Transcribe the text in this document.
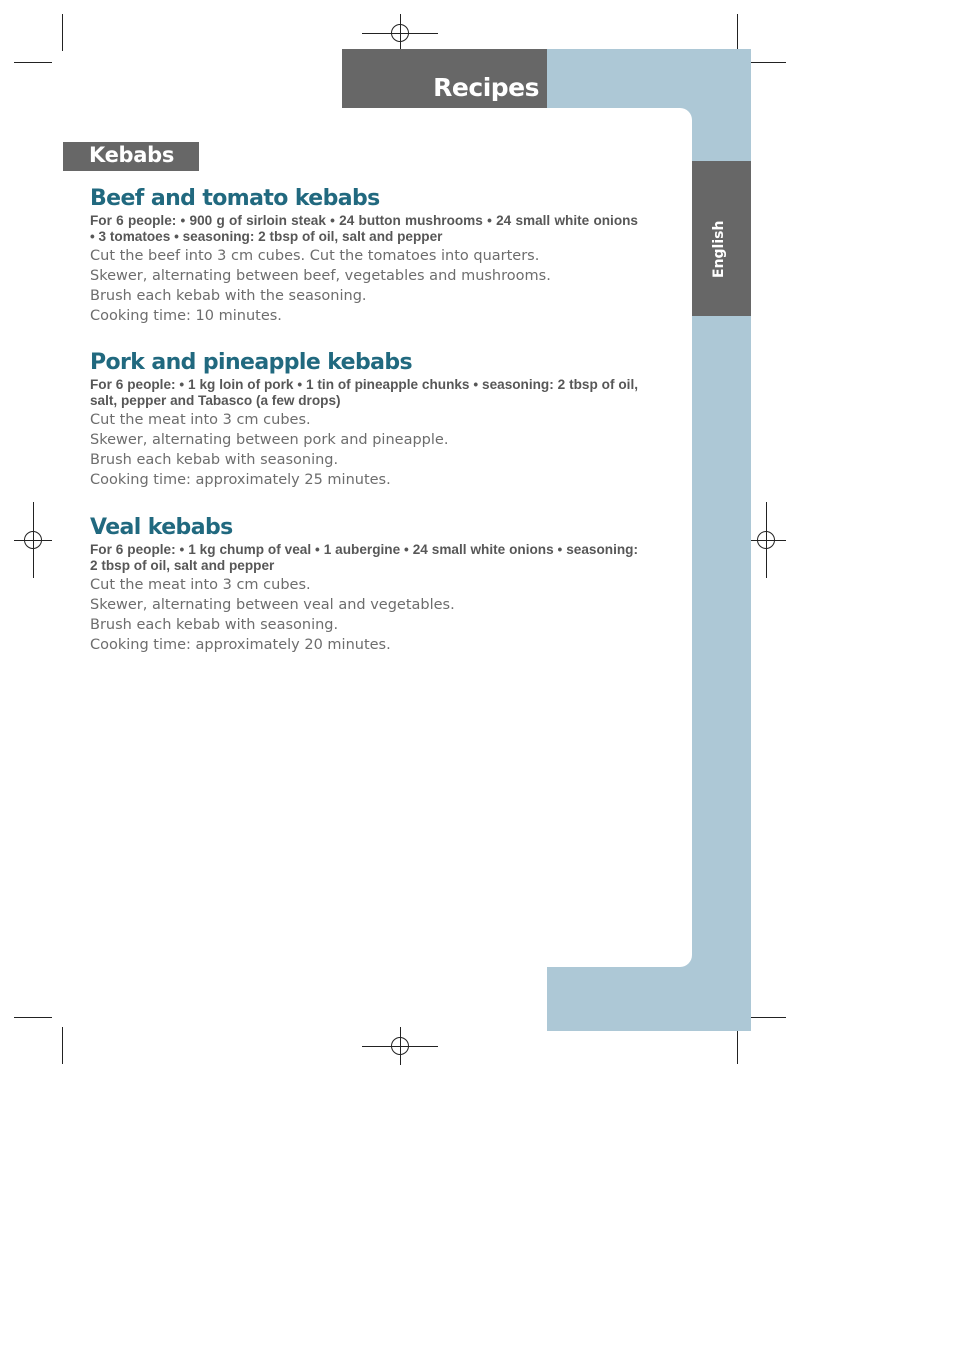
Recipes
English
Kebabs
Beef and tomato kebabs

For 6 people: • 900 g of sirloin steak • 24 button mushrooms • 24 small white onions • 3 tomatoes • seasoning: 2 tbsp of oil, salt and pepper

Cut the beef into 3 cm cubes. Cut the tomatoes into quarters.
Skewer, alternating between beef, vegetables and mushrooms.
Brush each kebab with the seasoning.
Cooking time: 10 minutes.
Pork and pineapple kebabs

For 6 people: • 1 kg loin of pork • 1 tin of pineapple chunks • seasoning: 2 tbsp of oil, salt, pepper and Tabasco (a few drops)

Cut the meat into 3 cm cubes.
Skewer, alternating between pork and pineapple.
Brush each kebab with seasoning.
Cooking time: approximately 25 minutes.
Veal kebabs

For 6 people: • 1 kg chump of veal • 1 aubergine • 24 small white onions • seasoning: 2 tbsp of oil, salt and pepper

Cut the meat into 3 cm cubes.
Skewer, alternating between veal and vegetables.
Brush each kebab with seasoning.
Cooking time: approximately 20 minutes.
